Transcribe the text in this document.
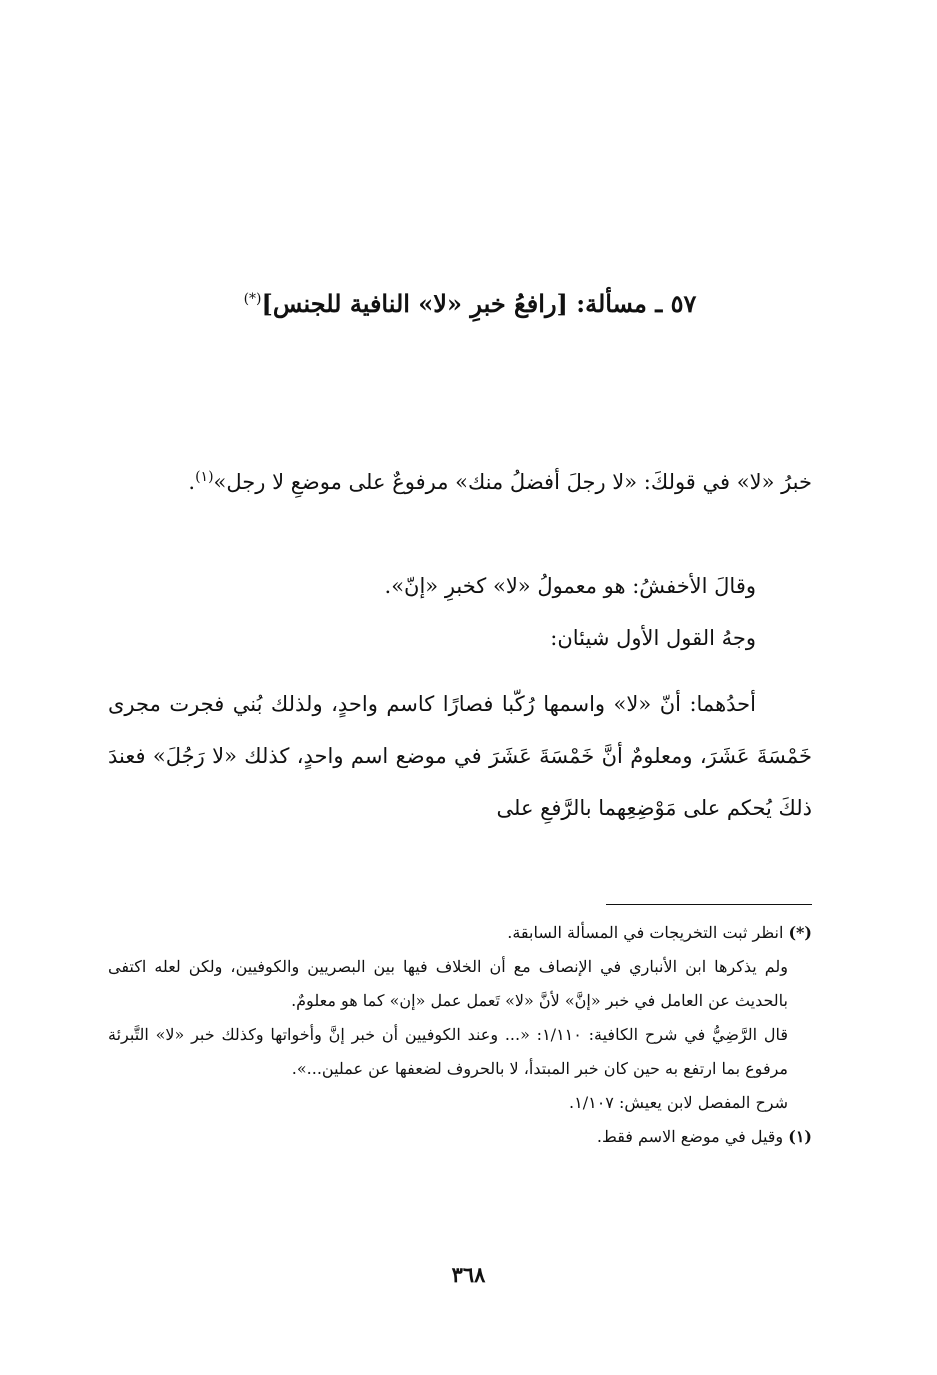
٥٧ ـ مسألة: [رافعُ خبرِ «لا» النافية للجنس](*)
خبرُ «لا» في قولكَ: «لا رجلَ أفضلُ منك» مرفوعٌ على موضعِ لا رجل»$^{(١)}$.
وقالَ الأخفشُ: هو معمولُ «لا» كخبرِ «إنّ».
وجهُ القول الأول شيئان:
أحدُهما: أنّ «لا» واسمها رُكّبا فصارًا كاسم واحدٍ، ولذلك بُني فجرت مجرى خَمْسَةَ عَشَرَ، ومعلومٌ أنَّ خَمْسَةَ عَشَرَ في موضع اسم واحدٍ، كذلك «لا رَجُلَ» فعندَ ذلكَ يُحكم على مَوْضِعِهما بالرَّفعِ على

(*) انظر ثبت التخريجات في المسألة السابقة.

ولم يذكرها ابن الأنباري في الإنصاف مع أن الخلاف فيها بين البصريين والكوفيين، ولكن لعله اكتفى بالحديث عن العامل في خبر «إنَّ» لأنَّ «لا» تَعمل عمل «إن» كما هو معلومٌ.

قال الرَّضِيُّ في شرح الكافية: ١/١١٠: «... وعند الكوفيين أن خبر إنَّ وأخواتها وكذلك خبر «لا» التَّبرئة مرفوع بما ارتفع به حين كان خبر المبتدأ، لا بالحروف لضعفها عن عملين...».

شرح المفصل لابن يعيش: ١/١٠٧.

(١) وقيل في موضع الاسم فقط.

٣٦٨
